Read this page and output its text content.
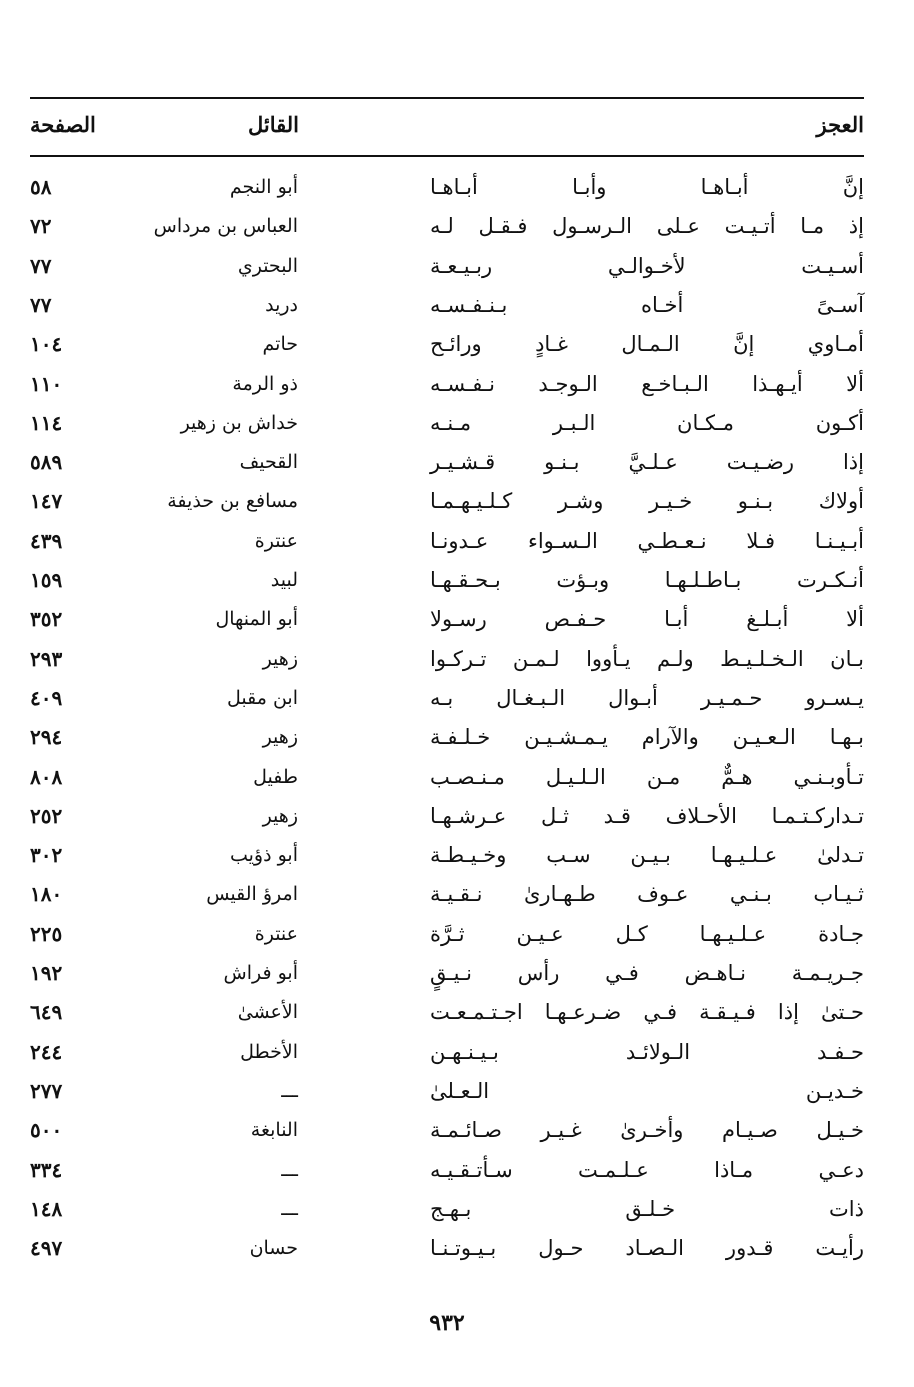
العجز
القائل
الصفحة
إنَّ أبـاهـا وأبـا أبـاهـا
أبو النجم
٥٨
إذ مـا أتـيـت عـلى الـرسـول فـقـل لـه
العباس بن مرداس
٧٢
أسـيـت لأخـوالـي ربـيـعـة
البحتري
٧٧
آسـىً أخـاه بـنـفـسـه
دريد
٧٧
أمـاوي إنَّ الـمـال غـادٍ ورائـح
حاتم
١٠٤
ألا أيـهـذا الـبـاخـع الـوجـد نـفـسـه
ذو الرمة
١١٠
أكـون مـكـان الـبـر مـنـه
خداش بن زهير
١١٤
إذا رضـيـت عـلـيَّ بـنـو قـشـيـر
القحيف
٥٨٩
أولاك بـنـو خـيـر وشـر كـلـيـهـمـا
مسافع بن حذيفة
١٤٧
أبـيـنـا فـلا نـعـطـي الـسـواء عـدونـا
عنترة
٤٣٩
أنـكـرت بـاطـلـهـا وبـؤت بـحـقـهـا
لبيد
١٥٩
ألا أبـلـغ أبـا حـفـص رسـولا
أبو المنهال
٣٥٢
بـان الـخـلـيـط ولـم يـأووا لـمـن تـركـوا
زهير
٢٩٣
يـسـرو حـمـيـر أبـوال الـبـغـال بـه
ابن مقبل
٤٠٩
بـهـا الـعـيـن والآرام يـمـشـيـن خـلـفـة
زهير
٢٩٤
تـأوبـنـي هـمٌّ مـن الـلـيـل مـنـصـب
طفيل
٨٠٨
تـداركـتـمـا الأحـلاف قـد ثـل عـرشـهـا
زهير
٢٥٢
تـدلىٰ عـلـيـهـا بـيـن سـب وخـيـطـة
أبو ذؤيب
٣٠٢
ثـيـاب بـنـي عـوف طـهـارىٰ نـقـيـة
امرؤ القيس
١٨٠
جـادة عـلـيـهـا كـل عـيـن ثـرَّة
عنترة
٢٢٥
جـريـمـة نـاهـض فـي رأس نـيـقٍ
أبو فراش
١٩٢
حـتىٰ إذا فـيـقـة فـي ضـرعـهـا اجـتـمـعـت
الأعشىٰ
٦٤٩
حـفـد الـولائـد بـيـنـهـن
الأخطل
٢٤٤
خـديـن الـعـلىٰ
ـــ
٢٧٧
خـيـل صـيـام وأخـرىٰ غـيـر صـائـمـة
النابغة
٥٠٠
دعـي مـاذا عـلـمـت سـأتـقـيـه
ـــ
٣٣٤
ذات خـلـق بـهـج
ـــ
١٤٨
رأيـت قـدور الـصـاد حـول بـيـوتـنـا
حسان
٤٩٧
٩٣٢
